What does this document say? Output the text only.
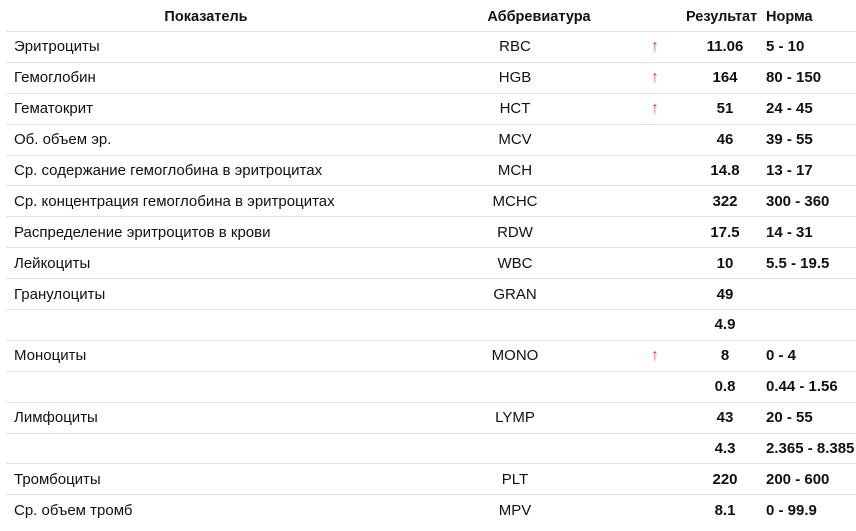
Показатель	Аббревиатура		Результат	Норма
Эритроциты	RBC	↑	11.06	5 - 10
Гемоглобин	HGB	↑	164	80 - 150
Гематокрит	HCT	↑	51	24 - 45
Об. объем эр.	MCV		46	39 - 55
Ср. содержание гемоглобина в эритроцитах	MCH		14.8	13 - 17
Ср. концентрация гемоглобина в эритроцитах	MCHC		322	300 - 360
Распределение эритроцитов в крови	RDW		17.5	14 - 31
Лейкоциты	WBC		10	5.5 - 19.5
Гранулоциты	GRAN		49	
			4.9	
Моноциты	MONO	↑	8	0 - 4
			0.8	0.44 - 1.56
Лимфоциты	LYMP		43	20 - 55
			4.3	2.365 - 8.385
Тромбоциты	PLT		220	200 - 600
Ср. объем тромб	MPV		8.1	0 - 99.9
